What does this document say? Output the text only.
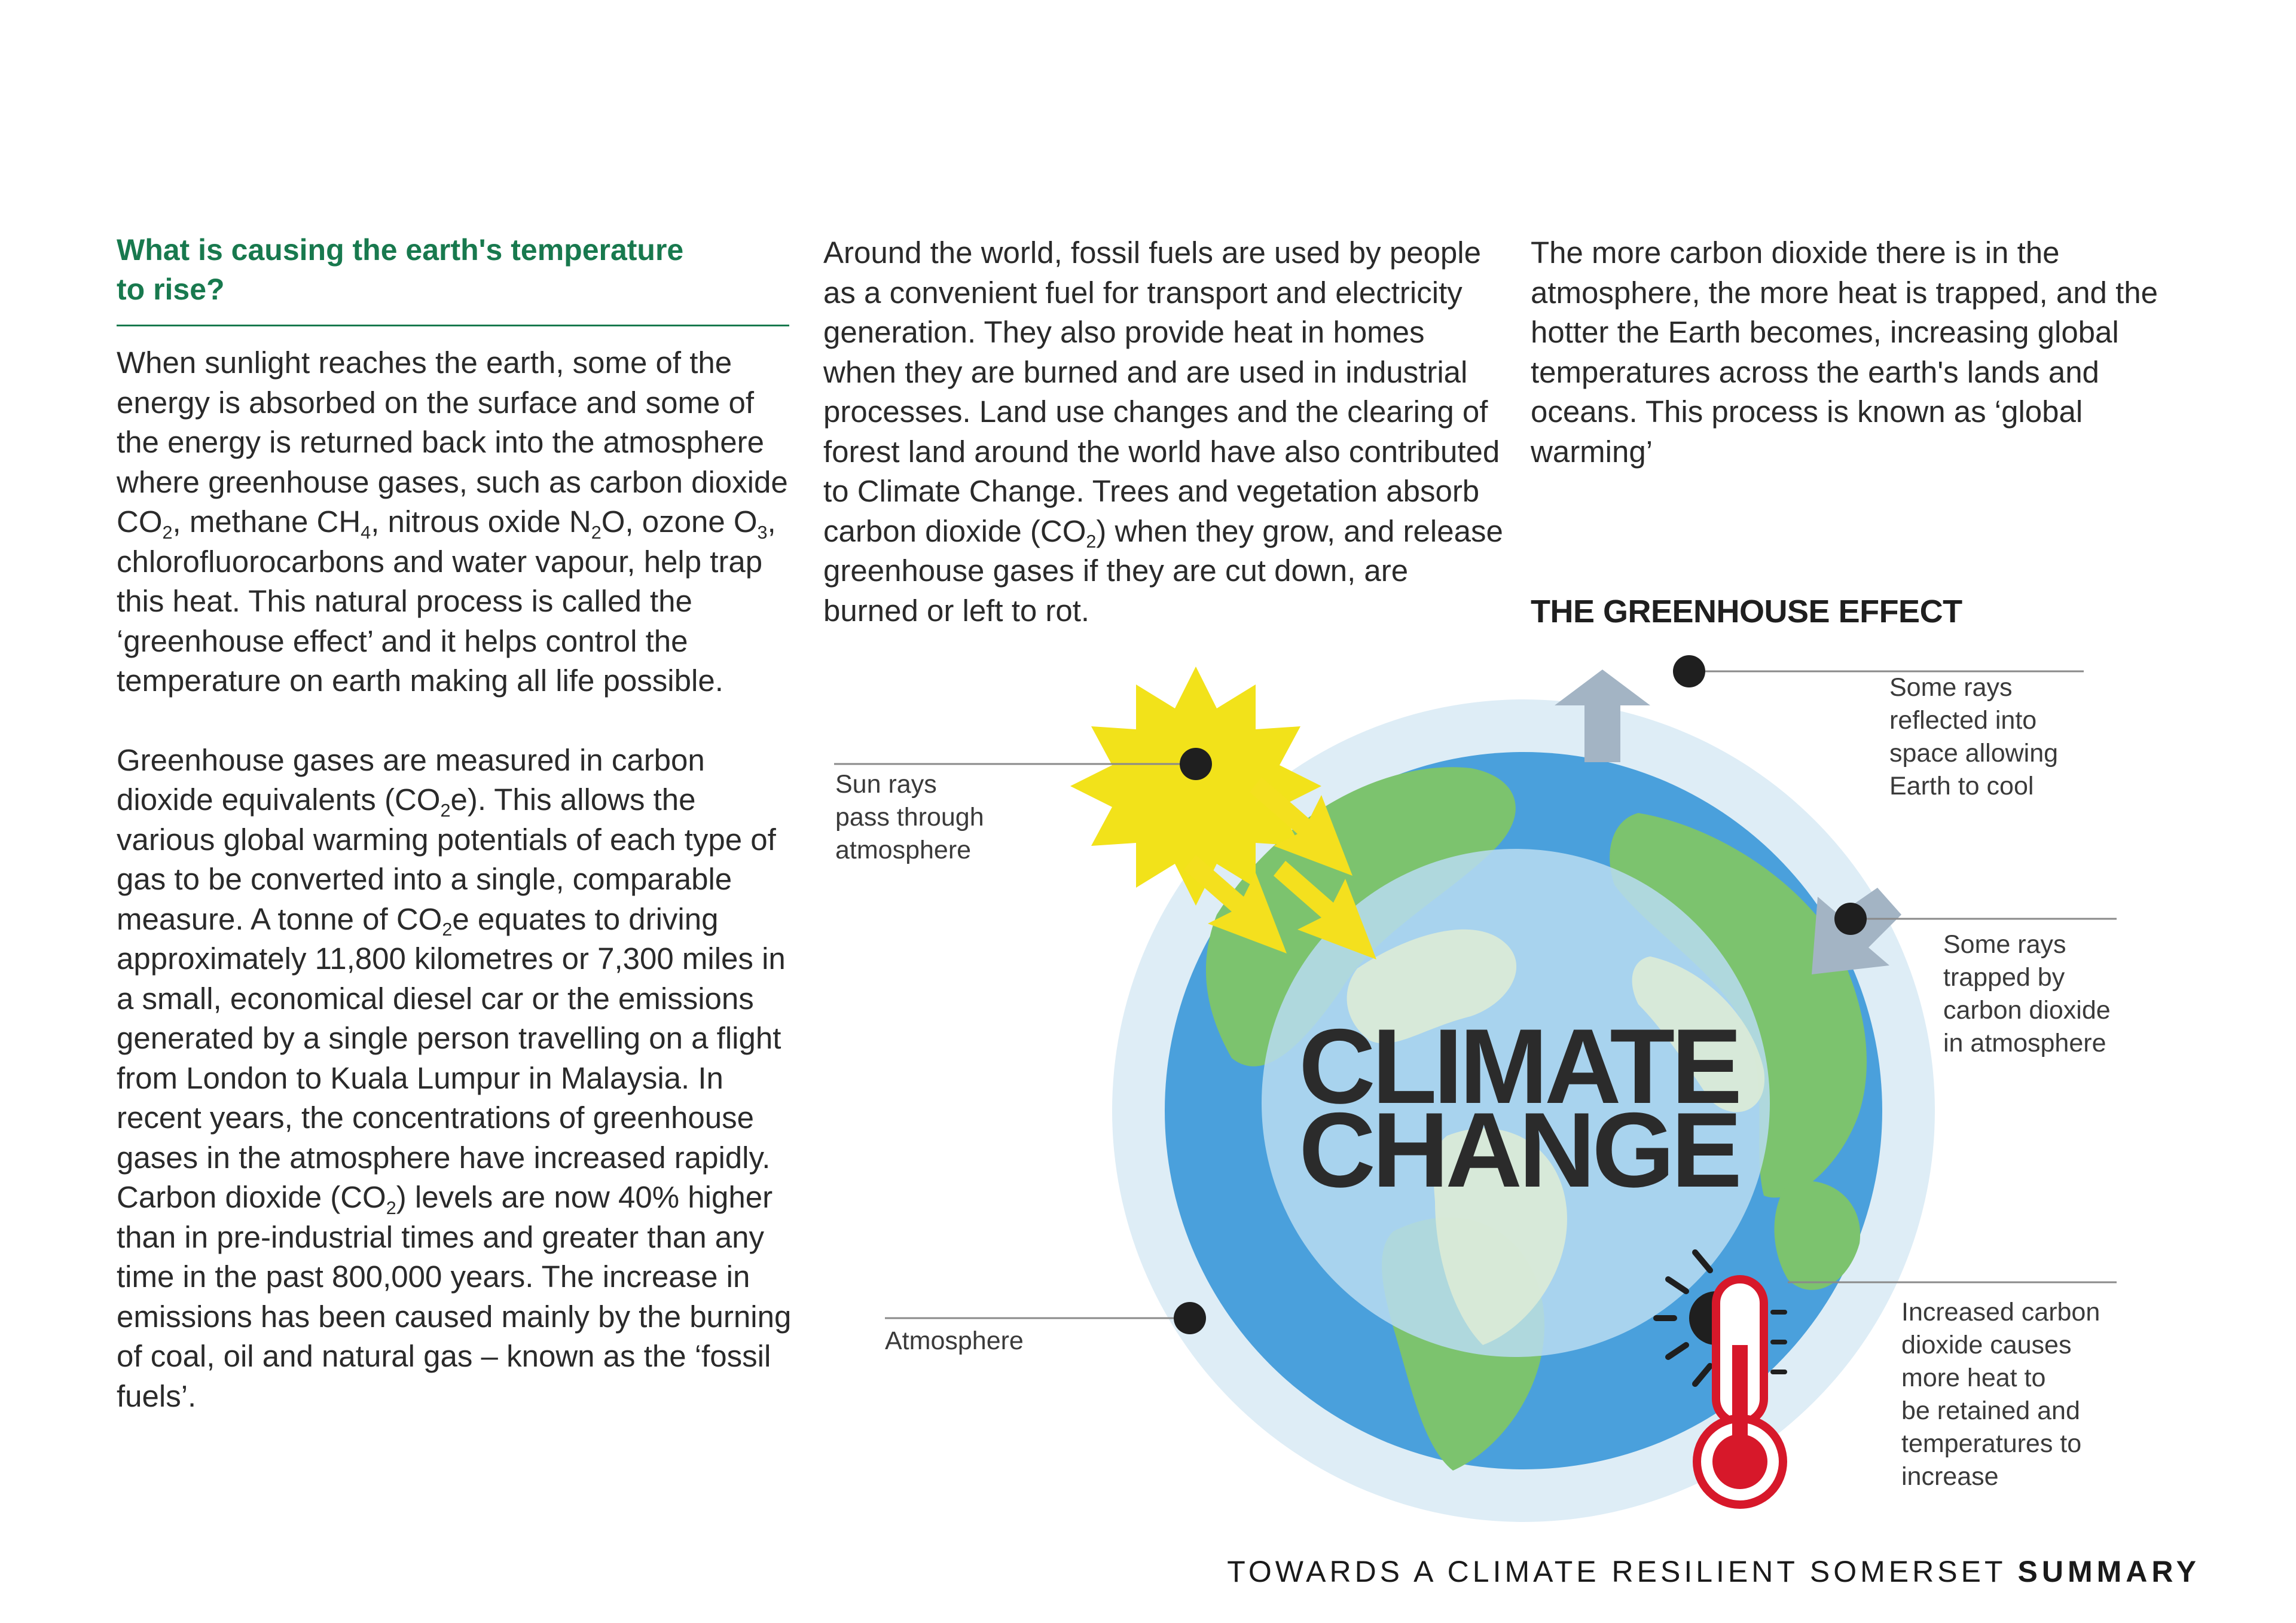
What is causing the earth's temperature
to rise?

When sunlight reaches the earth, some of the energy is absorbed on the surface and some of the energy is returned back into the atmosphere where greenhouse gases, such as carbon dioxide $CO_2$, methane $CH_4$, nitrous oxide $N_2O$, ozone $O_3$, chlorofluorocarbons and water vapour, help trap this heat. This natural process is called the ‘greenhouse effect’ and it helps control the temperature on earth making all life possible.

Greenhouse gases are measured in carbon dioxide equivalents $(CO_2e)$. This allows the various global warming potentials of each type of gas to be converted into a single, comparable measure. A tonne of $CO_2e$ equates to driving approximately 11,800 kilometres or 7,300 miles in a small, economical diesel car or the emissions generated by a single person travelling on a flight from London to Kuala Lumpur in Malaysia. In recent years, the concentrations of greenhouse gases in the atmosphere have increased rapidly. Carbon dioxide $(CO_2)$ levels are now 40% higher than in pre-industrial times and greater than any time in the past 800,000 years. The increase in emissions has been caused mainly by the burning of coal, oil and natural gas – known as the ‘fossil fuels’.

Around the world, fossil fuels are used by people as a convenient fuel for transport and electricity generation. They also provide heat in homes when they are burned and are used in industrial processes. Land use changes and the clearing of forest land around the world have also contributed to Climate Change. Trees and vegetation absorb carbon dioxide $(CO_2)$ when they grow, and release greenhouse gases if they are cut down, are burned or left to rot.

The more carbon dioxide there is in the atmosphere, the more heat is trapped, and the hotter the Earth becomes, increasing global temperatures across the earth's lands and oceans. This process is known as ‘global warming’

THE GREENHOUSE EFFECT
CLIMATE
CHANGE
Sun rays
pass through
atmosphere
Some rays
reflected into
space allowing
Earth to cool
Some rays
trapped by
carbon dioxide
in atmosphere
Atmosphere
Increased carbon
dioxide causes
more heat to
be retained and
temperatures to
increase
TOWARDS A CLIMATE RESILIENT SOMERSET SUMMARY
